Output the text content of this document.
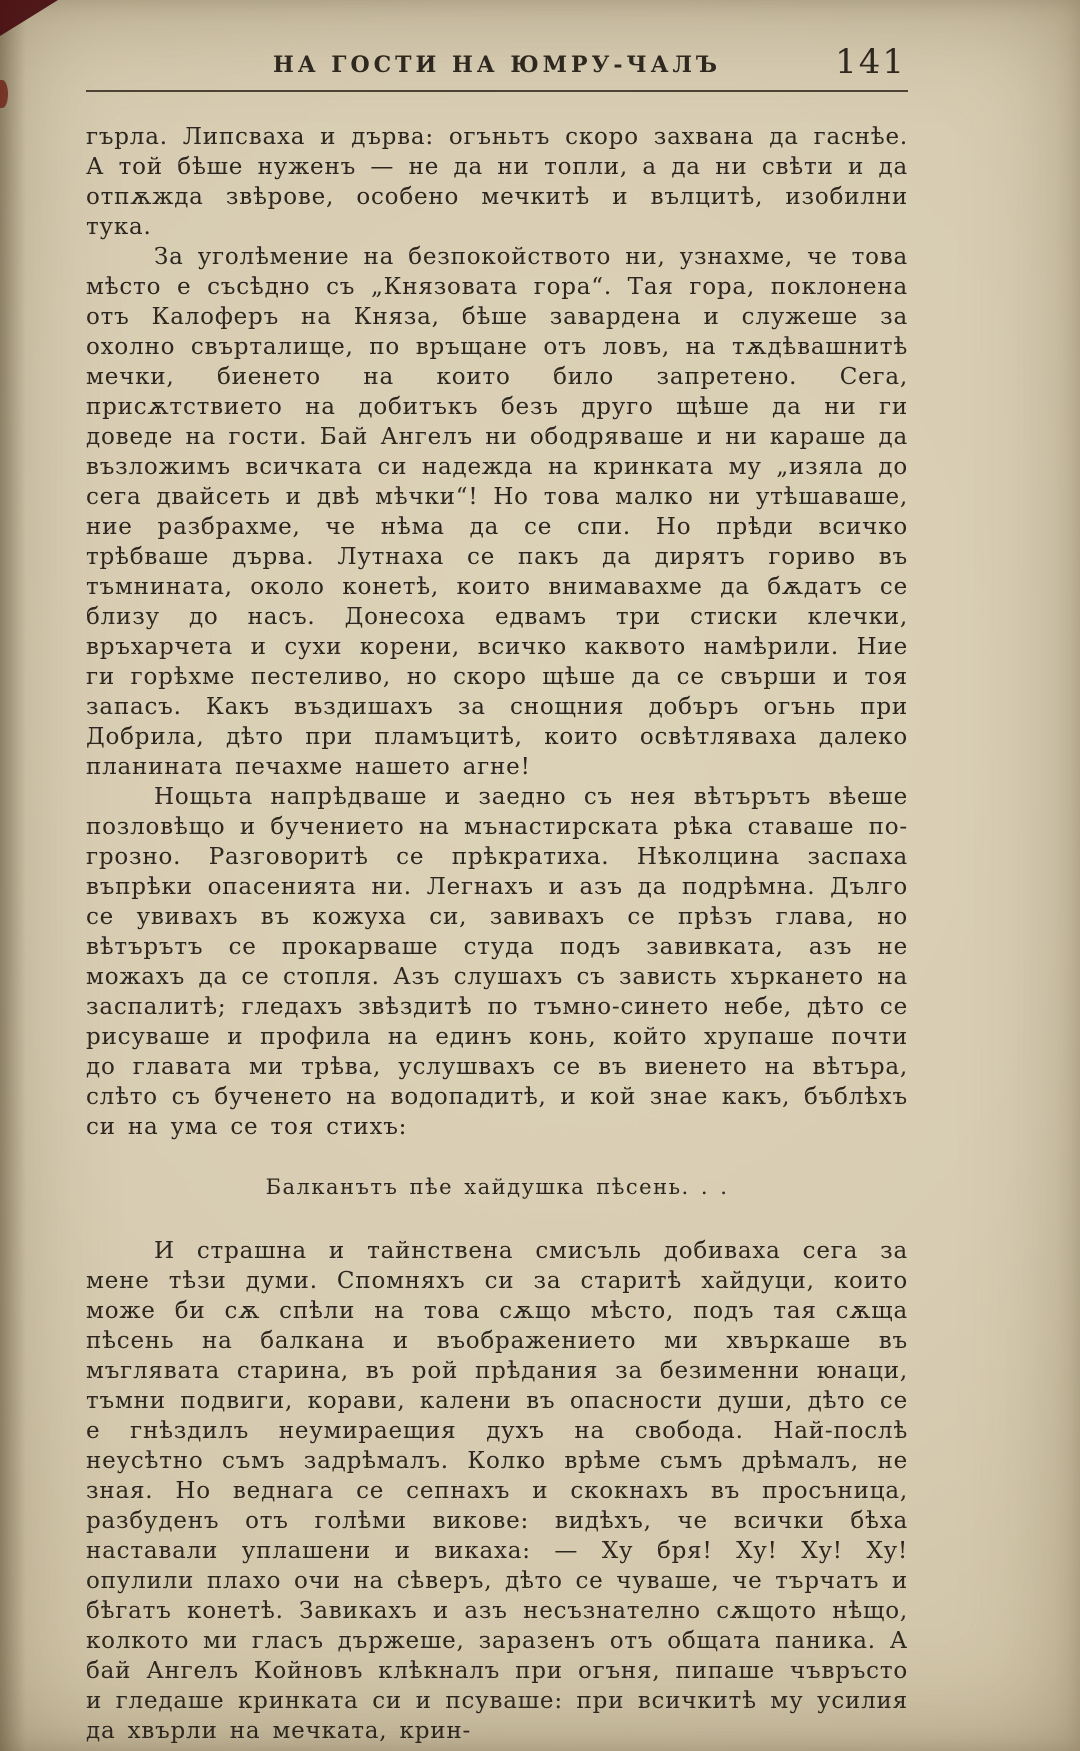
НА ГОСТИ НА ЮМРУ-ЧАЛЪ	141

гърла. Липсваха и дърва: огъньтъ скоро захвана да гаснѣе. А той бѣше нуженъ — не да ни топли, а да ни свѣти и да отпѫжда звѣрове, особено мечкитѣ и вълцитѣ, изобилни тука.

За уголѣмение на безпокойството ни, узнахме, че това мѣсто е съсѣдно съ „Князовата гора“. Тая гора, поклонена отъ Калоферъ на Княза, бѣше завардена и служеше за охолно свърталище, по връщане отъ ловъ, на тѫдѣвашнитѣ мечки, биенето на които било запретено. Сега, присѫтствието на добитъкъ безъ друго щѣше да ни ги доведе на гости. Бай Ангелъ ни ободряваше и ни караше да възложимъ всичката си надежда на кринката му „изяла до сега двайсеть и двѣ мѣчки“! Но това малко ни утѣшаваше, ние разбрахме, че нѣма да се спи. Но прѣди всичко трѣбваше дърва. Лутнаха се пакъ да дирятъ гориво въ тъмнината, около конетѣ, които внимавахме да бѫдатъ се близу до насъ. Донесоха едвамъ три стиски клечки, връхарчета и сухи корени, всичко каквото намѣрили. Ние ги горѣхме пестеливо, но скоро щѣше да се свърши и тоя запасъ. Какъ въздишахъ за снощния добъръ огънь при Добрила, дѣто при пламъцитѣ, които освѣтляваха далеко планината печахме нашето агне!

Нощьта напрѣдваше и заедно съ нея вѣтърътъ вѣеше позловѣщо и бучението на мънастирската рѣка ставаше по-грозно. Разговоритѣ се прѣкратиха. Нѣколцина заспаха въпрѣки опасенията ни. Легнахъ и азъ да подрѣмна. Дълго се увивахъ въ кожуха си, завивахъ се прѣзъ глава, но вѣтърътъ се прокарваше студа подъ завивката, азъ не можахъ да се стопля. Азъ слушахъ съ зависть хъркането на заспалитѣ; гледахъ звѣздитѣ по тъмно-синето небе, дѣто се рисуваше и профила на единъ конь, който хрупаше почти до главата ми трѣва, услушвахъ се въ виенето на вѣтъра, слѣто съ бученето на водопадитѣ, и кой знае какъ, бъблѣхъ си на ума се тоя стихъ:

Балканътъ пѣе хайдушка пѣсень. . .

И страшна и тайнствена смисъль добиваха сега за мене тѣзи думи. Спомняхъ си за старитѣ хайдуци, които може би сѫ спѣли на това сѫщо мѣсто, подъ тая сѫща пѣсень на балкана и въображението ми хвъркаше въ мъглявата старина, въ рой прѣдания за безименни юнаци, тъмни подвиги, корави, калени въ опасности души, дѣто се е гнѣздилъ неумираещия духъ на свобода. Най-послѣ неусѣтно съмъ задрѣмалъ. Колко врѣме съмъ дрѣмалъ, не зная. Но веднага се сепнахъ и скокнахъ въ просъница, разбуденъ отъ голѣми викове: видѣхъ, че всички бѣха наставали уплашени и викаха: — Ху бря! Ху! Ху! Ху! опулили плахо очи на сѣверъ, дѣто се чуваше, че търчатъ и бѣгатъ конетѣ. Завикахъ и азъ несъзнателно сѫщото нѣщо, колкото ми гласъ държеше, заразенъ отъ общата паника. А бай Ангелъ Койновъ клѣкналъ при огъня, пипаше чъвръсто и гледаше кринката си и псуваше: при всичкитѣ му усилия да хвърли на мечката, крин-
